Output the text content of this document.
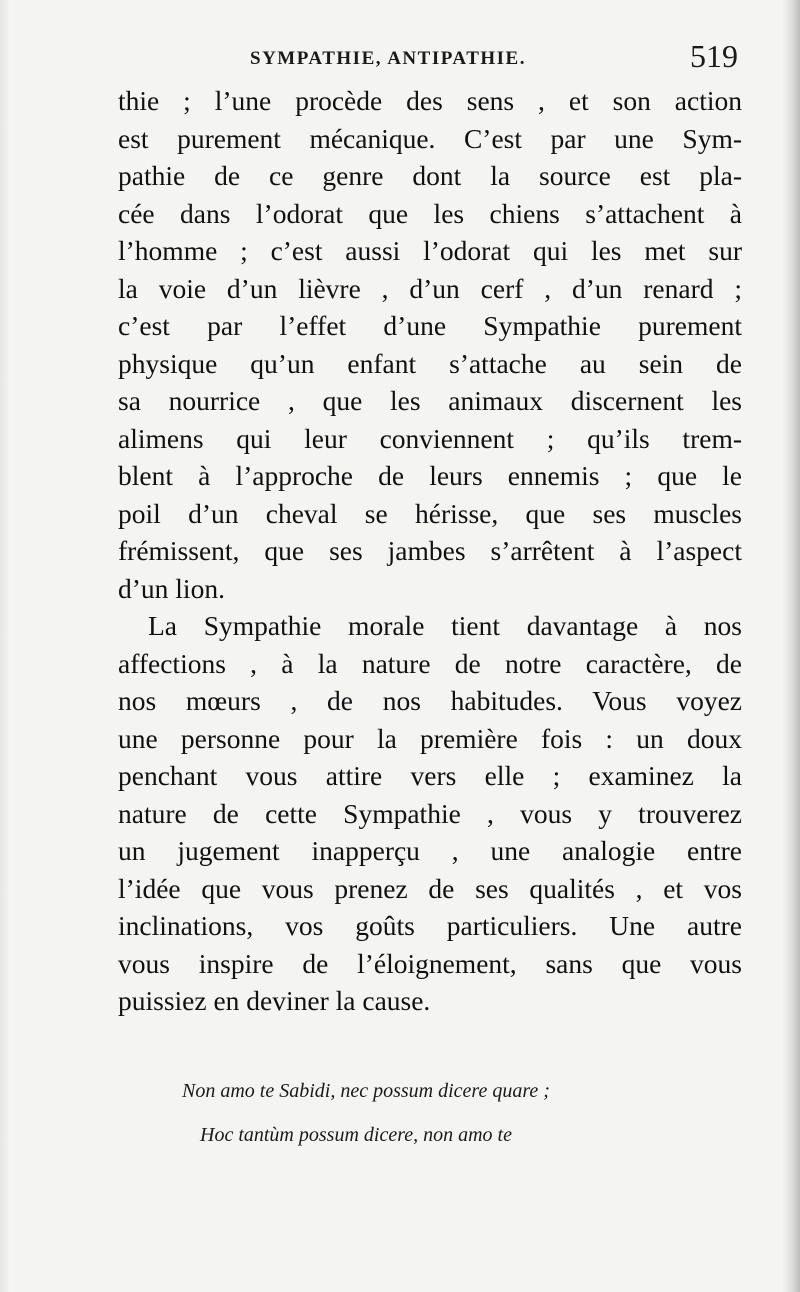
SYMPATHIE, ANTIPATHIE.	519
thie ; l’une procède des sens , et son action
est purement mécanique. C’est par une Sym-
pathie de ce genre dont la source est pla-
cée dans l’odorat que les chiens s’attachent à
l’homme ; c’est aussi l’odorat qui les met sur
la voie d’un lièvre , d’un cerf , d’un renard ;
c’est par l’effet d’une Sympathie purement
physique qu’un enfant s’attache au sein de
sa nourrice , que les animaux discernent les
alimens qui leur conviennent ; qu’ils trem-
blent à l’approche de leurs ennemis ; que le
poil d’un cheval se hérisse, que ses muscles
frémissent, que ses jambes s’arrêtent à l’aspect
d’un lion.
La Sympathie morale tient davantage à nos
affections , à la nature de notre caractère, de
nos mœurs , de nos habitudes. Vous voyez
une personne pour la première fois : un doux
penchant vous attire vers elle ; examinez la
nature de cette Sympathie , vous y trouverez
un jugement inapperçu , une analogie entre
l’idée que vous prenez de ses qualités , et vos
inclinations, vos goûts particuliers. Une autre
vous inspire de l’éloignement, sans que vous
puissiez en deviner la cause.
Non amo te Sabidi, nec possum dicere quare ;
Hoc tantùm possum dicere, non amo te
